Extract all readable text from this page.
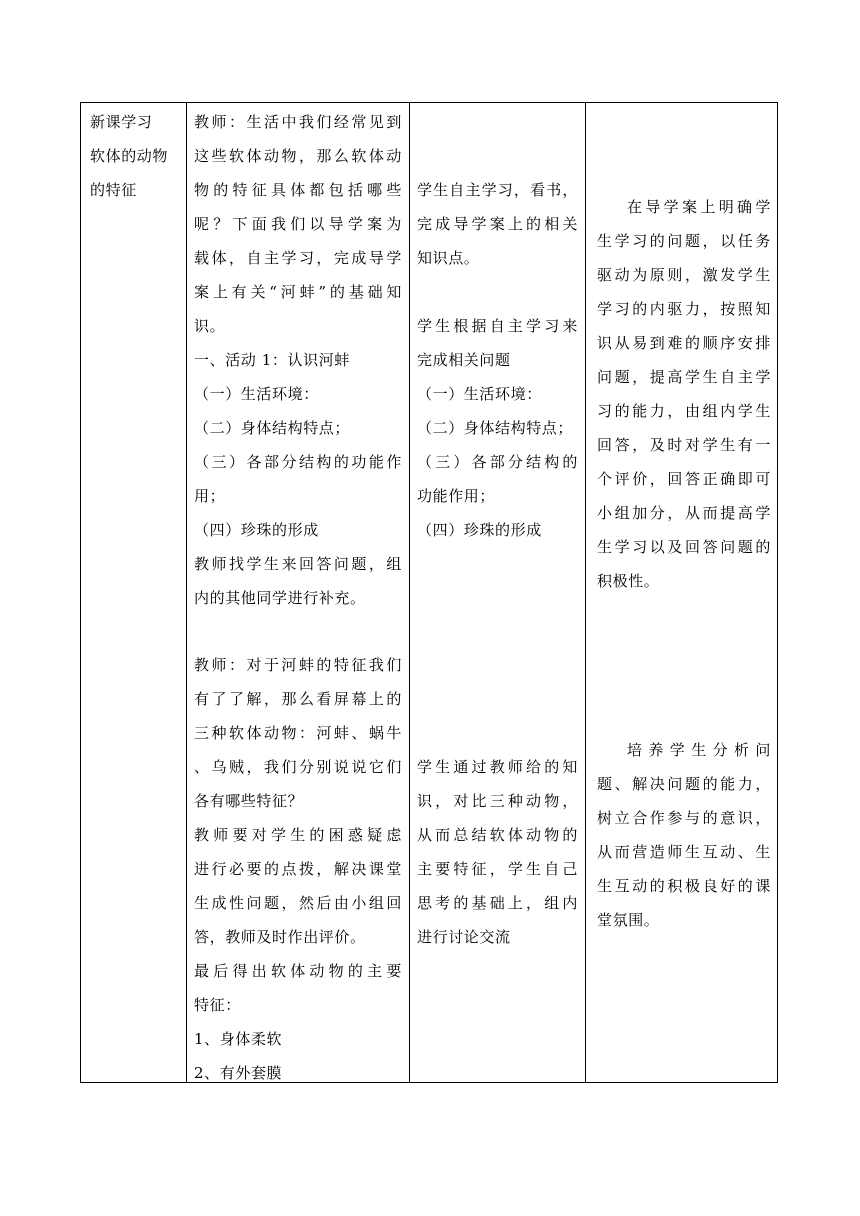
新课学习
软体的动物
的特征
教师：生活中我们经常见到
这些软体动物，那么软体动
物的特征具体都包括哪些
呢？下面我们以导学案为
载体，自主学习，完成导学
案上有关“河蚌”的基础知
识。
一、活动 1：认识河蚌
（一）生活环境：
（二）身体结构特点；
（三）各部分结构的功能作
用；
（四）珍珠的形成
教师找学生来回答问题，组
内的其他同学进行补充。
教师：对于河蚌的特征我们
有了了解，那么看屏幕上的
三种软体动物：河蚌、蜗牛
、乌贼，我们分别说说它们
各有哪些特征？
教师要对学生的困惑疑虑
进行必要的点拨，解决课堂
生成性问题，然后由小组回
答，教师及时作出评价。
最后得出软体动物的主要
特征：
1、身体柔软
2、有外套膜
学生自主学习，看书，
完成导学案上的相关
知识点。
学生根据自主学习来
完成相关问题
（一）生活环境：
（二）身体结构特点；
（三）各部分结构的
功能作用；
（四）珍珠的形成
学生通过教师给的知
识，对比三种动物，
从而总结软体动物的
主要特征，学生自己
思考的基础上，组内
进行讨论交流
在导学案上明确学
生学习的问题，以任务
驱动为原则，激发学生
学习的内驱力，按照知
识从易到难的顺序安排
问题，提高学生自主学
习的能力，由组内学生
回答，及时对学生有一
个评价，回答正确即可
小组加分，从而提高学
生学习以及回答问题的
积极性。
培养学生分析问
题、解决问题的能力，
树立合作参与的意识，
从而营造师生互动、生
生互动的积极良好的课
堂氛围。
